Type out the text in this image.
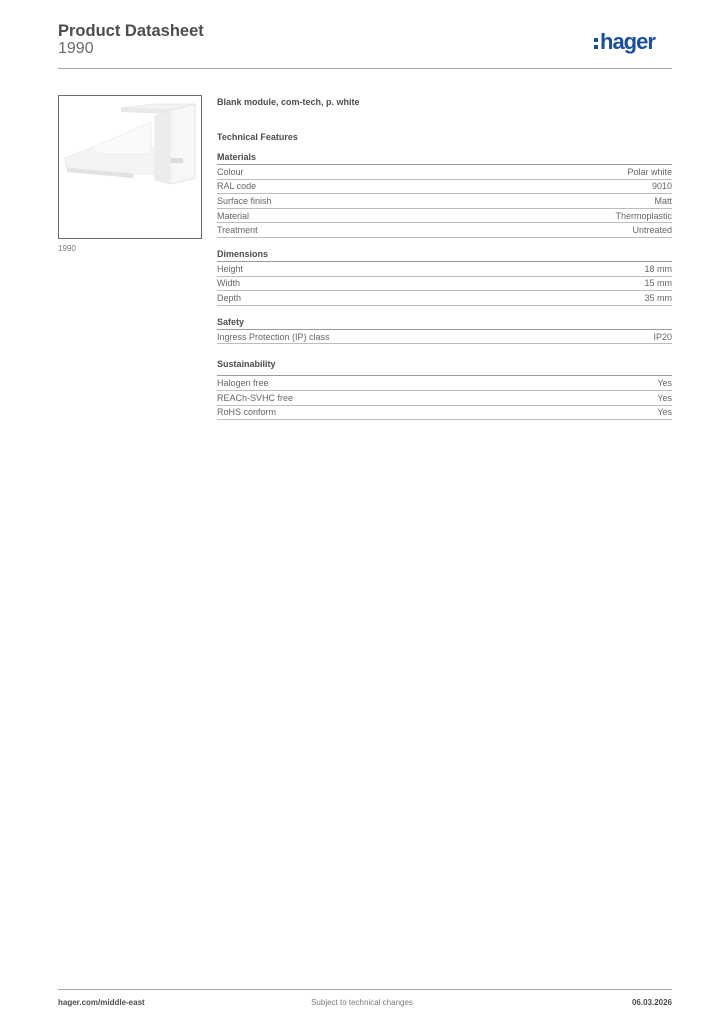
Product Datasheet
1990	hager
1990
Blank module, com-tech, p. white
Technical Features
Materials
Colour	Polar white
RAL code	9010
Surface finish	Matt
Material	Thermoplastic
Treatment	Untreated
Dimensions
Height	18 mm
Width	15 mm
Depth	35 mm
Safety
Ingress Protection (IP) class	IP20
Sustainability
Halogen free	Yes
REACh-SVHC free	Yes
RoHS conform	Yes
hager.com/middle-east	Subject to technical changes	06.03.2026
